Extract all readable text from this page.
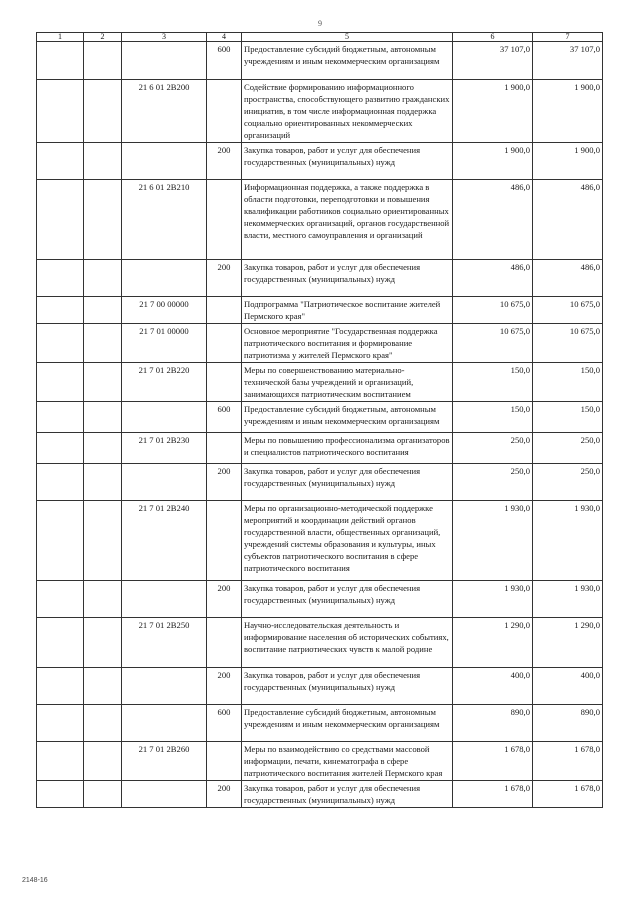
9
1	2	3	4	5	6	7
			600	Предоставление субсидий бюджетным, автономным учреждениям и иным некоммерческим организациям	37 107,0	37 107,0
		21 6 01 2В200		Содействие формированию информационного пространства, способствующего развитию гражданских инициатив, в том числе информационная поддержка социально ориентированных некоммерческих организаций	1 900,0	1 900,0
			200	Закупка товаров, работ и услуг для обеспечения государственных (муниципальных) нужд	1 900,0	1 900,0
		21 6 01 2В210		Информационная поддержка, а также поддержка в области подготовки, переподготовки и повышения квалификации работников социально ориентированных некоммерческих организаций, органов государственной власти, местного самоуправления и организаций	486,0	486,0
			200	Закупка товаров, работ и услуг для обеспечения государственных (муниципальных) нужд	486,0	486,0
		21 7 00 00000		Подпрограмма "Патриотическое воспитание жителей Пермского края"	10 675,0	10 675,0
		21 7 01 00000		Основное мероприятие "Государственная поддержка патриотического воспитания и формирование патриотизма у жителей Пермского края"	10 675,0	10 675,0
		21 7 01 2В220		Меры по совершенствованию материально-технической базы учреждений и организаций, занимающихся патриотическим воспитанием	150,0	150,0
			600	Предоставление субсидий бюджетным, автономным учреждениям и иным некоммерческим организациям	150,0	150,0
		21 7 01 2В230		Меры по повышению профессионализма организаторов и специалистов патриотического воспитания	250,0	250,0
			200	Закупка товаров, работ и услуг для обеспечения государственных (муниципальных) нужд	250,0	250,0
		21 7 01 2В240		Меры по организационно-методической поддержке мероприятий и координации действий органов государственной власти, общественных организаций, учреждений системы образования и культуры, иных субъектов патриотического воспитания в сфере патриотического воспитания	1 930,0	1 930,0
			200	Закупка товаров, работ и услуг для обеспечения государственных (муниципальных) нужд	1 930,0	1 930,0
		21 7 01 2В250		Научно-исследовательская деятельность и информирование населения об исторических событиях, воспитание патриотических чувств к малой родине	1 290,0	1 290,0
			200	Закупка товаров, работ и услуг для обеспечения государственных (муниципальных) нужд	400,0	400,0
			600	Предоставление субсидий бюджетным, автономным учреждениям и иным некоммерческим организациям	890,0	890,0
		21 7 01 2В260		Меры по взаимодействию со средствами массовой информации, печати, кинематографа в сфере патриотического воспитания жителей Пермского края	1 678,0	1 678,0
			200	Закупка товаров, работ и услуг для обеспечения государственных (муниципальных) нужд	1 678,0	1 678,0
2148-16
